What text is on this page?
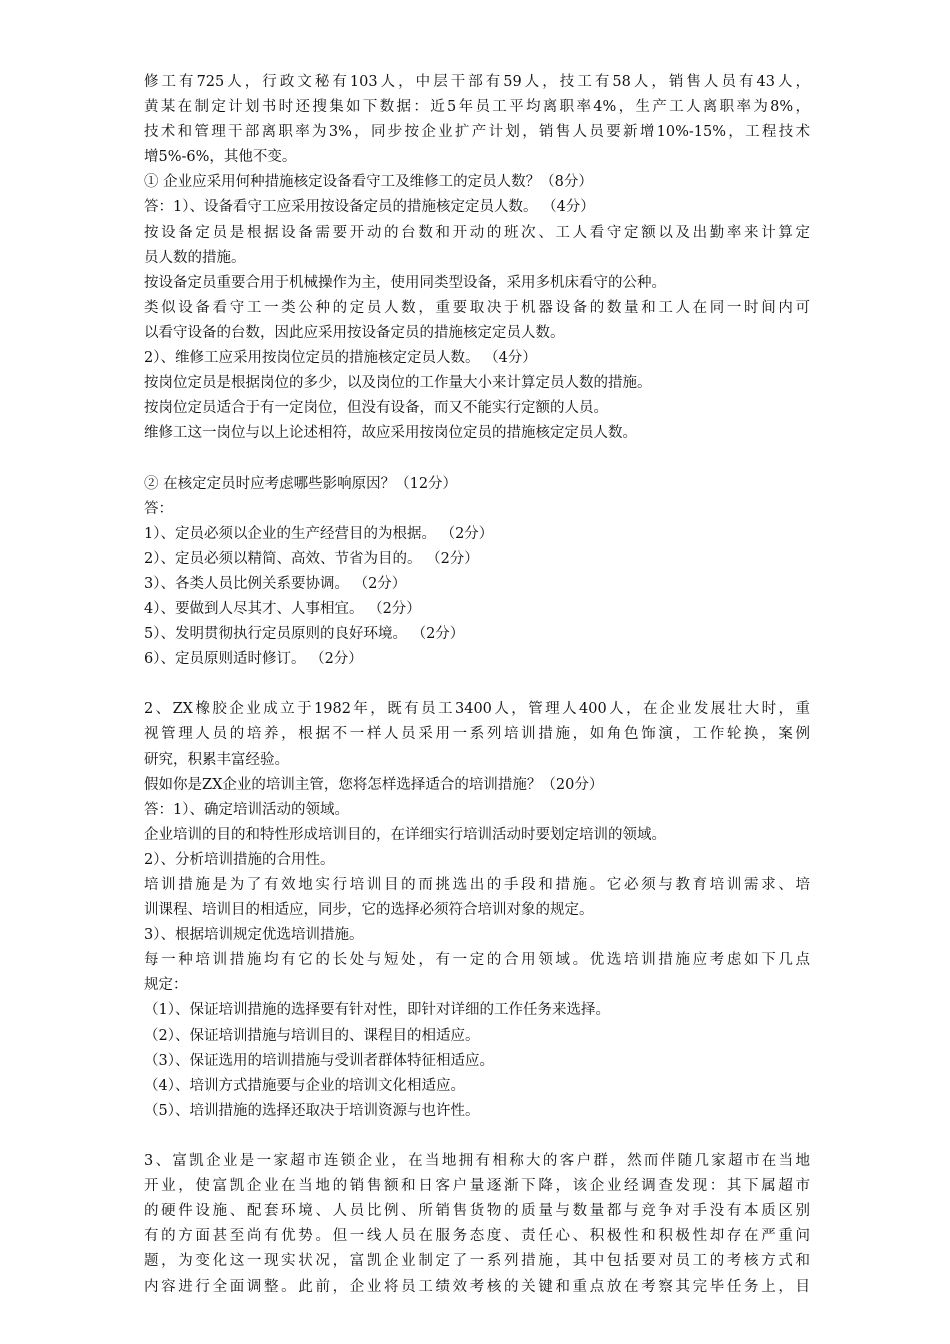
修工有725人，行政文秘有103人，中层干部有59人，技工有58人，销售人员有43人，
黄某在制定计划书时还搜集如下数据：近5年员工平均离职率4%，生产工人离职率为8%，
技术和管理干部离职率为3%，同步按企业扩产计划，销售人员要新增10%-15%，工程技术
增5%-6%，其他不变。
① 企业应采用何种措施核定设备看守工及维修工的定员人数？（8分）
答：1）、设备看守工应采用按设备定员的措施核定定员人数。 （4分）
按设备定员是根据设备需要开动的台数和开动的班次、工人看守定额以及出勤率来计算定
员人数的措施。
按设备定员重要合用于机械操作为主，使用同类型设备，采用多机床看守的公种。
类似设备看守工一类公种的定员人数，重要取决于机器设备的数量和工人在同一时间内可
以看守设备的台数，因此应采用按设备定员的措施核定定员人数。
2）、维修工应采用按岗位定员的措施核定定员人数。 （4分）
按岗位定员是根据岗位的多少，以及岗位的工作量大小来计算定员人数的措施。
按岗位定员适合于有一定岗位，但没有设备，而又不能实行定额的人员。
维修工这一岗位与以上论述相符，故应采用按岗位定员的措施核定定员人数。
② 在核定定员时应考虑哪些影响原因？（12分）
答：
1）、定员必须以企业的生产经营目的为根据。 （2分）
2）、定员必须以精简、高效、节省为目的。 （2分）
3）、各类人员比例关系要协调。 （2分）
4）、要做到人尽其才、人事相宜。 （2分）
5）、发明贯彻执行定员原则的良好环境。 （2分）
6）、定员原则适时修订。 （2分）
2、ZX橡胶企业成立于1982年，既有员工3400人，管理人400人，在企业发展壮大时，重
视管理人员的培养，根据不一样人员采用一系列培训措施，如角色饰演，工作轮换，案例
研究，积累丰富经验。
假如你是ZX企业的培训主管，您将怎样选择适合的培训措施？（20分）
答：1）、确定培训活动的领域。
企业培训的目的和特性形成培训目的，在详细实行培训活动时要划定培训的领域。
2）、分析培训措施的合用性。
培训措施是为了有效地实行培训目的而挑选出的手段和措施。它必须与教育培训需求、培
训课程、培训目的相适应，同步，它的选择必须符合培训对象的规定。
3）、根据培训规定优选培训措施。
每一种培训措施均有它的长处与短处，有一定的合用领域。优选培训措施应考虑如下几点
规定：
（1）、保证培训措施的选择要有针对性，即针对详细的工作任务来选择。
（2）、保证培训措施与培训目的、课程目的相适应。
（3）、保证选用的培训措施与受训者群体特征相适应。
（4）、培训方式措施要与企业的培训文化相适应。
（5）、培训措施的选择还取决于培训资源与也许性。
3、富凯企业是一家超市连锁企业，在当地拥有相称大的客户群，然而伴随几家超市在当地
开业，使富凯企业在当地的销售额和日客户量逐渐下降，该企业经调查发现：其下属超市
的硬件设施、配套环境、人员比例、所销售货物的质量与数量都与竞争对手没有本质区别
有的方面甚至尚有优势。但一线人员在服务态度、责任心、积极性和积极性却存在严重问
题，为变化这一现实状况，富凯企业制定了一系列措施，其中包括要对员工的考核方式和
内容进行全面调整。此前，企业将员工绩效考核的关键和重点放在考察其完毕任务上，目
